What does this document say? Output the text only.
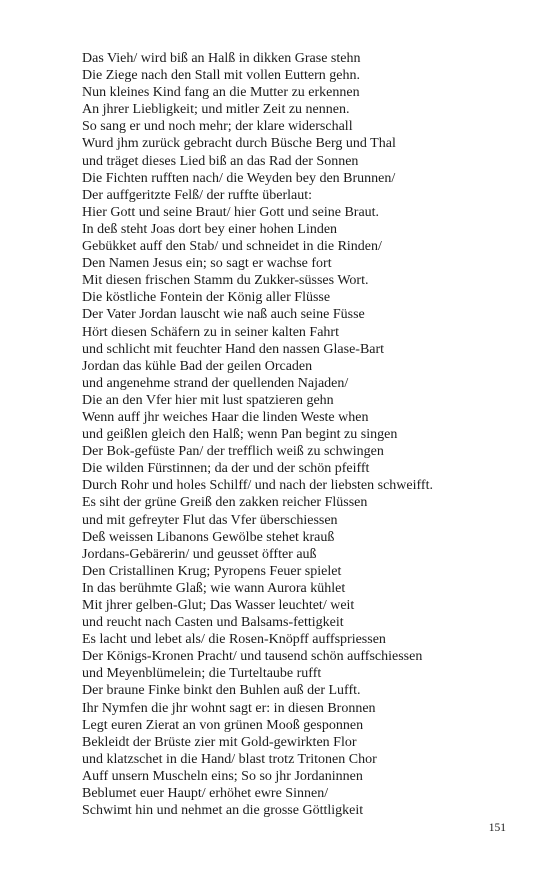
Das Vieh/ wird biß an Halß in dikken Grase stehn
Die Ziege nach den Stall mit vollen Euttern gehn.
Nun kleines Kind fang an die Mutter zu erkennen
An jhrer Liebligkeit; und mitler Zeit zu nennen.
So sang er und noch mehr; der klare widerschall
Wurd jhm zurück gebracht durch Büsche Berg und Thal
und träget dieses Lied biß an das Rad der Sonnen
Die Fichten rufften nach/ die Weyden bey den Brunnen/
Der auffgeritzte Felß/ der ruffte überlaut:
Hier Gott und seine Braut/ hier Gott und seine Braut.
In deß steht Joas dort bey einer hohen Linden
Gebükket auff den Stab/ und schneidet in die Rinden/
Den Namen Jesus ein; so sagt er wachse fort
Mit diesen frischen Stamm du Zukker-süsses Wort.
Die köstliche Fontein der König aller Flüsse
Der Vater Jordan lauscht wie naß auch seine Füsse
Hört diesen Schäfern zu in seiner kalten Fahrt
und schlicht mit feuchter Hand den nassen Glase-Bart
Jordan das kühle Bad der geilen Orcaden
und angenehme strand der quellenden Najaden/
Die an den Vfer hier mit lust spatzieren gehn
Wenn auff jhr weiches Haar die linden Weste when
und geißlen gleich den Halß; wenn Pan begint zu singen
Der Bok-gefüste Pan/ der trefflich weiß zu schwingen
Die wilden Fürstinnen; da der und der schön pfeifft
Durch Rohr und holes Schilff/ und nach der liebsten schweifft.
Es siht der grüne Greiß den zakken reicher Flüssen
und mit gefreyter Flut das Vfer überschiessen
Deß weissen Libanons Gewölbe stehet krauß
Jordans-Gebärerin/ und geusset öffter auß
Den Cristallinen Krug; Pyropens Feuer spielet
In das berühmte Glaß; wie wann Aurora kühlet
Mit jhrer gelben-Glut; Das Wasser leuchtet/ weit
und reucht nach Casten und Balsams-fettigkeit
Es lacht und lebet als/ die Rosen-Knöpff auffspriessen
Der Königs-Kronen Pracht/ und tausend schön auffschiessen
und Meyenblümelein; die Turteltaube rufft
Der braune Finke binkt den Buhlen auß der Lufft.
Ihr Nymfen die jhr wohnt sagt er: in diesen Bronnen
Legt euren Zierat an von grünen Mooß gesponnen
Bekleidt der Brüste zier mit Gold-gewirkten Flor
und klatzschet in die Hand/ blast trotz Tritonen Chor
Auff unsern Muscheln eins; So so jhr Jordaninnen
Beblumet euer Haupt/ erhöhet ewre Sinnen/
Schwimt hin und nehmet an die grosse Göttligkeit
151
